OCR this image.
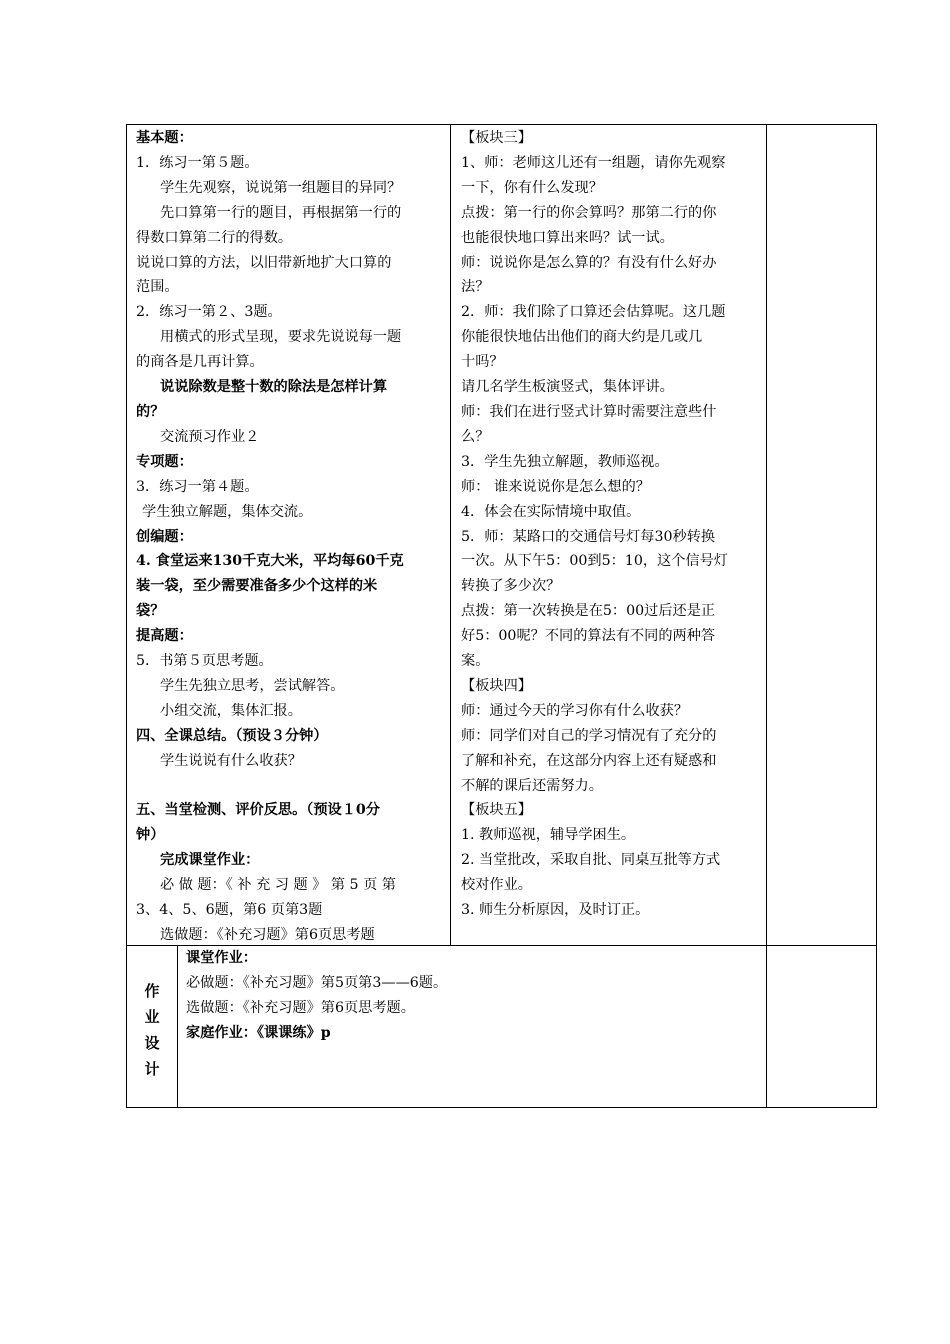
基本题：

1．练习一第５题。

学生先观察，说说第一组题目的异同？

先口算第一行的题目，再根据第一行的

得数口算第二行的得数。

说说口算的方法，以旧带新地扩大口算的

范围。

2．练习一第２、3题。

用横式的形式呈现，要求先说说每一题

的商各是几再计算。

说说除数是整十数的除法是怎样计算

的？

交流预习作业２

专项题：

3．练习一第４题。

学生独立解题，集体交流。

创编题：

4. 食堂运来130千克大米，平均每60千克

装一袋，至少需要准备多少个这样的米

袋？

提高题：

5．书第５页思考题。

学生先独立思考，尝试解答。

小组交流，集体汇报。

四、全课总结。（预设３分钟）

学生说说有什么收获？

五、当堂检测、评价反思。（预设１0分

钟）

完成课堂作业：

必 做 题：《 补 充 习 题 》 第 5 页 第

3、4、5、6题，第6 页第3题

选做题：《补充习题》第6页思考题

【板块三】

1、师：老师这儿还有一组题，请你先观察

一下，你有什么发现？

点拨：第一行的你会算吗？那第二行的你

也能很快地口算出来吗？试一试。

师：说说你是怎么算的？有没有什么好办

法？

2．师：我们除了口算还会估算呢。这几题

你能很快地估出他们的商大约是几或几

十吗？

请几名学生板演竖式，集体评讲。

师：我们在进行竖式计算时需要注意些什

么？

3．学生先独立解题，教师巡视。

师： 谁来说说你是怎么想的？

4．体会在实际情境中取值。

5．师：某路口的交通信号灯每30秒转换

一次。从下午5：00到5：10，这个信号灯

转换了多少次？

点拨：第一次转换是在5：00过后还是正

好5：00呢？不同的算法有不同的两种答

案。

【板块四】

师：通过今天的学习你有什么收获？

师：同学们对自己的学习情况有了充分的

了解和补充，在这部分内容上还有疑惑和

不解的课后还需努力。

【板块五】

1. 教师巡视，辅导学困生。

2. 当堂批改，采取自批、同桌互批等方式

校对作业。

3. 师生分析原因，及时订正。

作
业
设
计

课堂作业：

必做题：《补充习题》第5页第3——6题。

选做题：《补充习题》第6页思考题。

家庭作业：《课课练》p
